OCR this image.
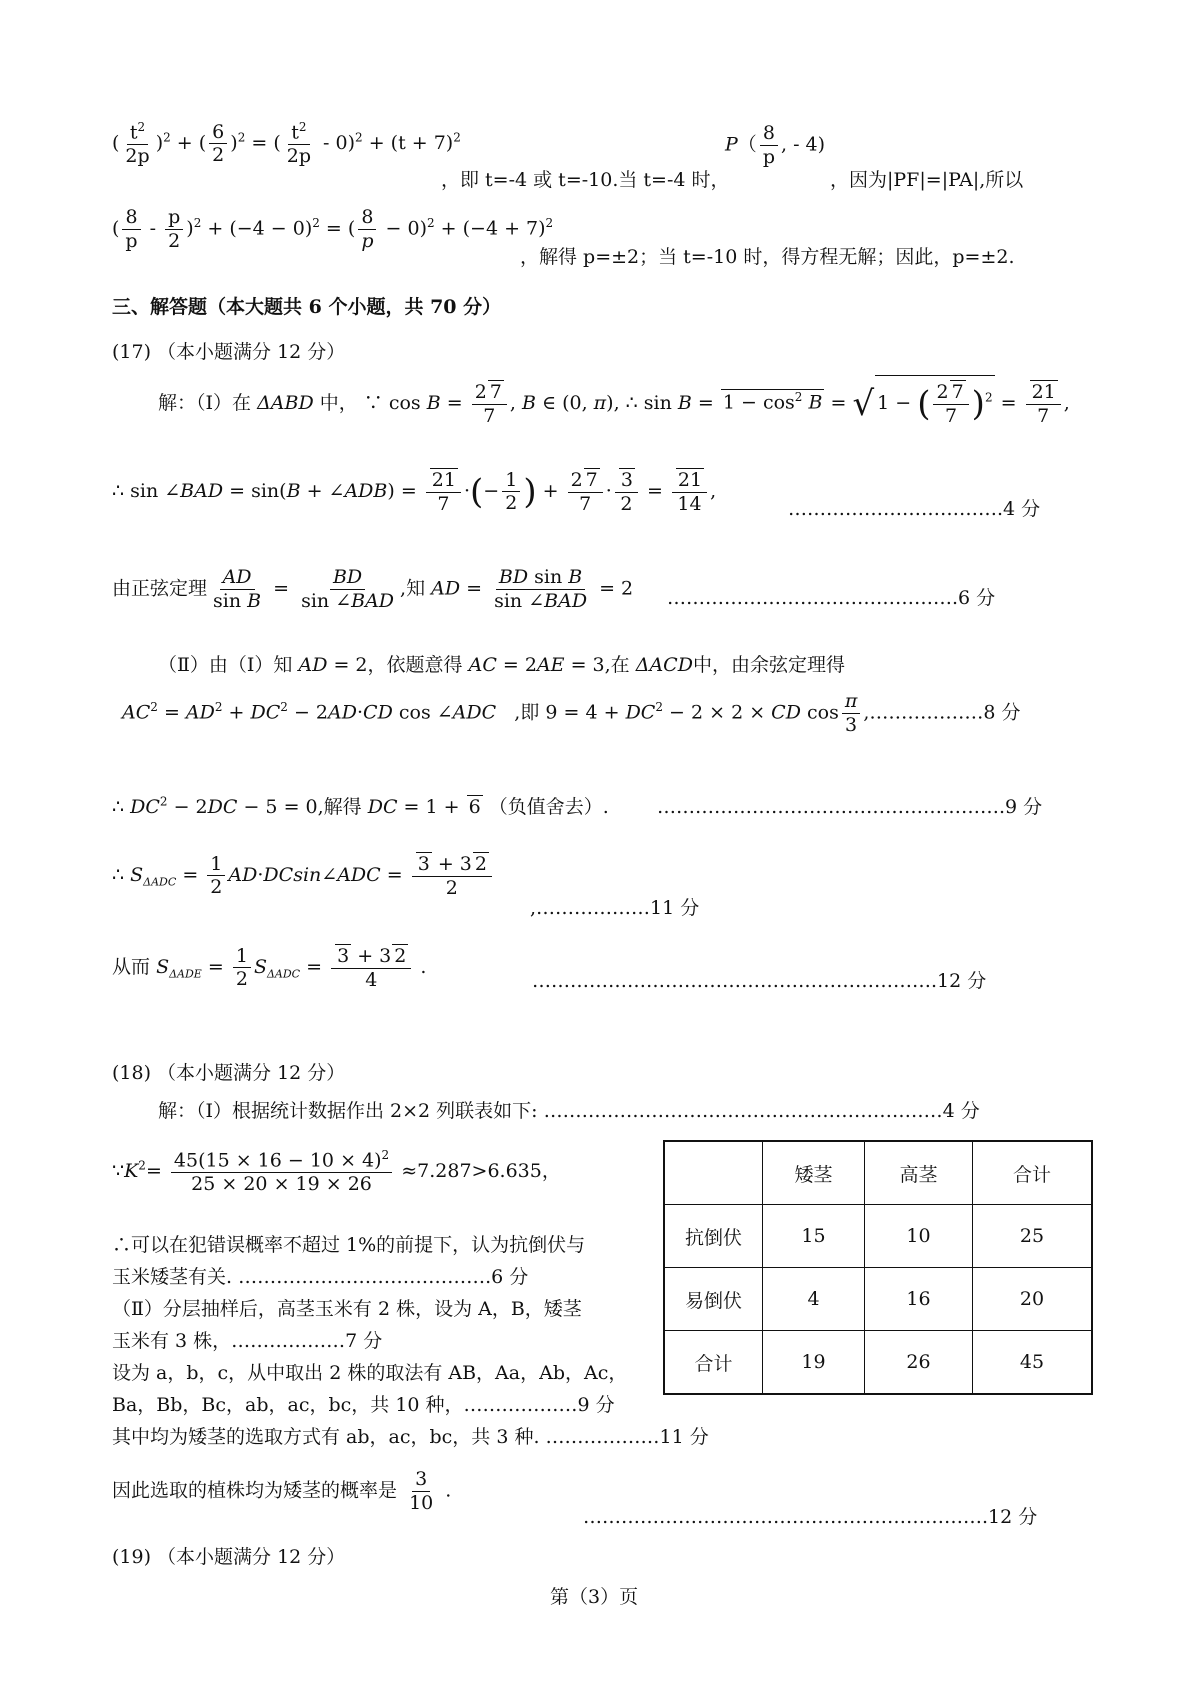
( $\frac{t^2}{2p} )^2$ + ( $\frac{6}{2} )^2$ = ( $\frac{t^2}{2p} - 0)^2 + (t + 7)^2$
，即 t=-4 或 t=-10.当 t=-4 时，
$P( \frac{8}{p}$ , - 4)
，因为|PF|=|PA|,所以
( $\frac{8}{p} - \frac{p}{2} )^2 + (-4 - 0)^2$ = ( $\frac{8}{p} - 0)^2 + (-4 + 7)^2$
，解得 p=±2；当 t=-10 时，得方程无解；因此，p=±2.
三、解答题（本大题共 6 个小题，共 70 分）
(17) （本小题满分 12 分）
解：（Ⅰ）在 ΔABD 中， ∵ $\cos B = \frac{2 7}{7}$ , B ∈ (0, π), ∴ $\sin B = 1 - \cos^2 B$ = √ 1 − ( $\frac{2 7}{7} )^2 = \frac{21}{7}$ ,
∴ sin ∠BAD = sin(B + ∠ADB) = $\frac{21}{7}$ ·(− $\frac{1}{2}$ ) + $\frac{2 7}{7} \cdot \frac{3}{2} = \frac{21}{14}$ ,
…………………………….4 分
由正弦定理 $\frac{AD}{\text{sin B}} = \frac{BD}{\text{sin ∠BAD}}$ ,知 AD = $\frac{\text{BD sin B}}{\text{sin ∠BAD}} = 2$ ……………………………………….6 分
（Ⅱ）由（Ⅰ）知 AD = 2，依题意得 AC = 2AE = 3,在 ΔACD中，由余弦定理得
$AC^2 = AD^2 + DC^2 - 2AD\cdot CD$ cos ∠ADC ,即 $9 = 4 + DC^2 - 2 \times 2$ × CD $\cos \frac{\pi}{3}$ ,………………8 分
∴ $DC^2 - 2DC - 5 = 0$,解得 DC = 1 + 6 （负值舍去）.	……………………………………………….9 分
∴ $S_{\Delta ADC} = \frac{1}{2}$ AD·DCsin∠ADC = $\frac{3 + 3 2}{2}$
,………………11 分
从而 $S_{\Delta ADE} = \frac{1}{2} S_{\Delta ADC} = \frac{3 + 3 2}{4}$ .
……………………………………………………….12 分
(18) （本小题满分 12 分）
解：（Ⅰ）根据统计数据作出 2×2 列联表如下: ………………………………………………………4 分
$\because K^2= \frac{45(15 \times 16 - 10 \times 4)^2}{25 \times 20 \times 19 \times 26} \approx 7.287>6.635$，
∴可以在犯错误概率不超过 1%的前提下，认为抗倒伏与
玉米矮茎有关. ………………………………….6 分
（Ⅱ）分层抽样后，高茎玉米有 2 株，设为 A，B，矮茎
玉米有 3 株，………………7 分
设为 a，b，c，从中取出 2 株的取法有 AB，Aa，Ab，Ac，
Ba，Bb，Bc，ab，ac，bc，共 10 种，………………9 分
其中均为矮茎的选取方式有 ab，ac，bc，共 3 种. ………………11 分
因此选取的植株均为矮茎的概率是 $\frac{3}{10}$ .
……………………………………………………….12 分
	矮茎	高茎	合计
抗倒伏	15	10	25
易倒伏	4	16	20
合计	19	26	45
(19) （本小题满分 12 分）
第（3）页
